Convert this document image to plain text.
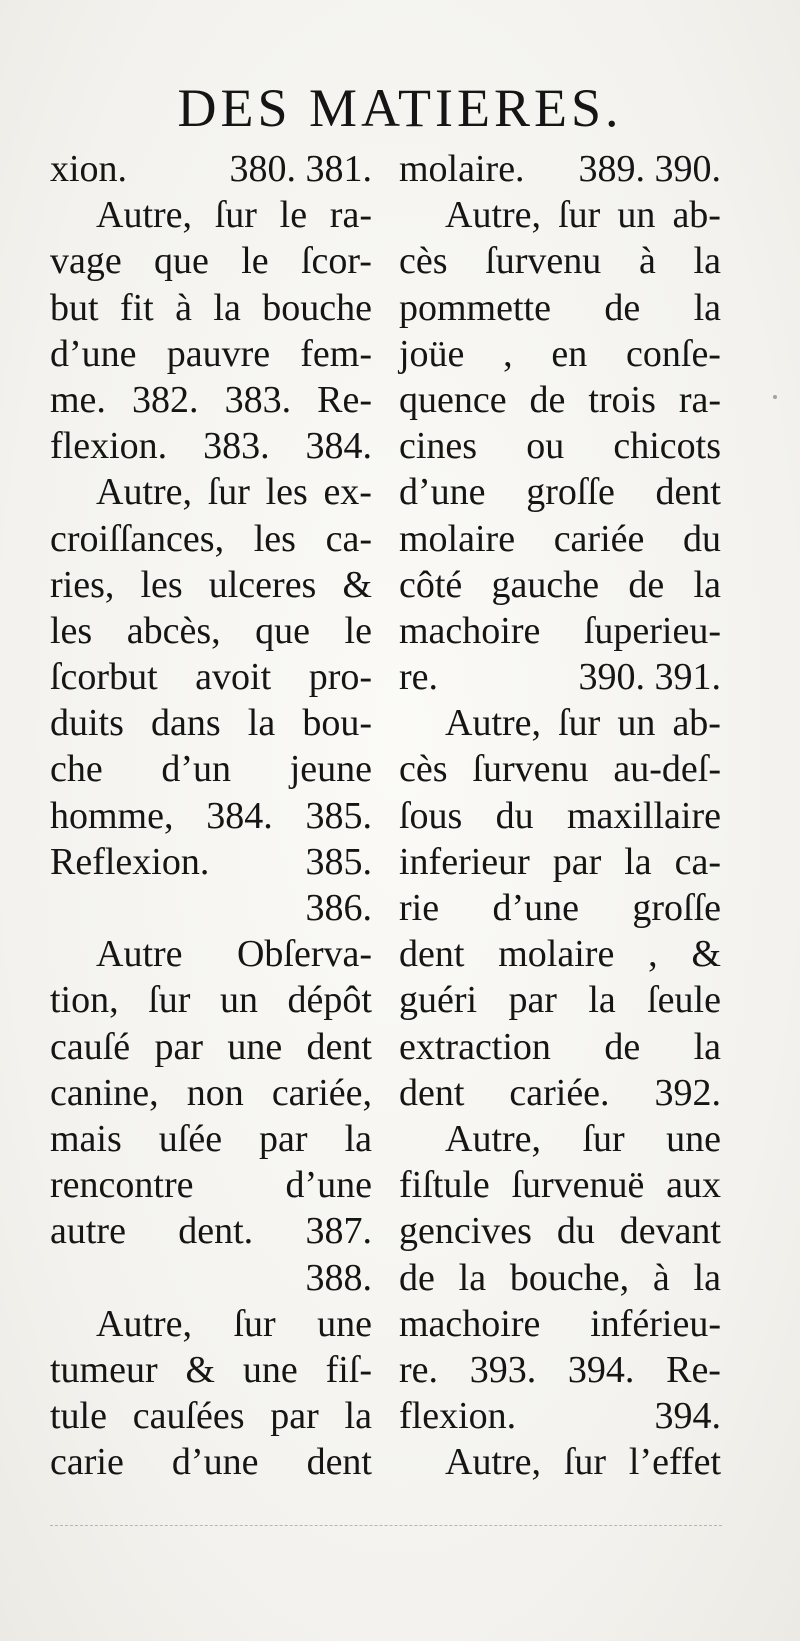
DES MATIERES.
xion.	380. 381.
Autre, ſur le ra-
vage que le ſcor-
but fit à la bouche
d’une pauvre fem-
me. 382. 383. Re-
flexion. 383. 384.
Autre, ſur les ex-
croiſſances, les ca-
ries, les ulceres &
les abcès, que le
ſcorbut avoit pro-
duits dans la bou-
che d’un jeune
homme, 384. 385.
Reflexion.	385.
386.
Autre Obſerva-
tion, ſur un dépôt
cauſé par une dent
canine, non cariée,
mais uſée par la
rencontre d’une
autre dent. 387.
388.
Autre, ſur une
tumeur & une fiſ-
tule cauſées par la
carie d’une dent
molaire. 389. 390.
Autre, ſur un ab-
cès ſurvenu à la
pommette de la
joüe , en conſe-
quence de trois ra-
cines ou chicots
d’une groſſe dent
molaire cariée du
côté gauche de la
machoire ſuperieu-
re.	390. 391.
Autre, ſur un ab-
cès ſurvenu au-deſ-
ſous du maxillaire
inferieur par la ca-
rie d’une groſſe
dent molaire , &
guéri par la ſeule
extraction de la
dent cariée. 392.
Autre, ſur une
fiſtule ſurvenuë aux
gencives du devant
de la bouche, à la
machoire inférieu-
re. 393. 394. Re-
flexion.	394.
Autre, ſur l’effet
